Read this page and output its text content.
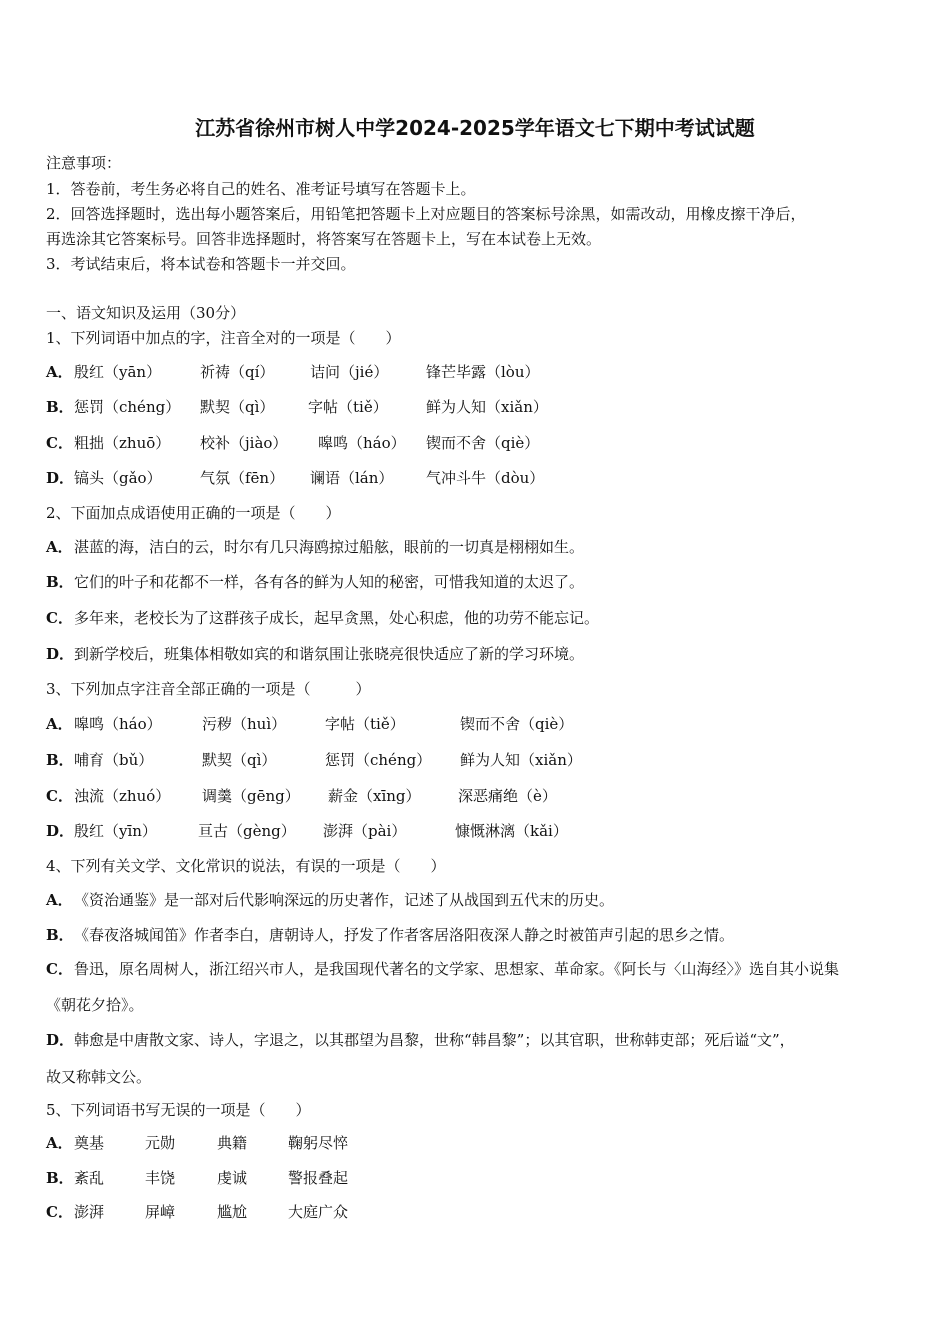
江苏省徐州市树人中学2024-2025学年语文七下期中考试试题
注意事项：
1．答卷前，考生务必将自己的姓名、准考证号填写在答题卡上。
2．回答选择题时，选出每小题答案后，用铅笔把答题卡上对应题目的答案标号涂黑，如需改动，用橡皮擦干净后，
再选涂其它答案标号。回答非选择题时，将答案写在答题卡上，写在本试卷上无效。
3．考试结束后，将本试卷和答题卡一并交回。
一、语文知识及运用（30分）
1、下列词语中加点的字，注音全对的一项是（　　）
A． 殷红（yān）	祈祷（qí） 诘问（jié）	锋芒毕露（lòu）
B． 惩罚（chéng） 默契（qì） 字帖（tiě）	鲜为人知（xiǎn）
C． 粗拙（zhuō） 校补（jiào） 嗥鸣（háo） 锲而不舍（qiè）
D． 镐头（gǎo）	气氛（fēn） 谰语（lán） 气冲斗牛（dòu）
2、下面加点成语使用正确的一项是（　　）
A．湛蓝的海，洁白的云，时尔有几只海鸥掠过船舷，眼前的一切真是栩栩如生。
B．它们的叶子和花都不一样，各有各的鲜为人知的秘密，可惜我知道的太迟了。
C．多年来，老校长为了这群孩子成长，起早贪黑，处心积虑，他的功劳不能忘记。
D．到新学校后，班集体相敬如宾的和谐氛围让张晓亮很快适应了新的学习环境。
3、下列加点字注音全部正确的一项是（　　　）
A． 嗥鸣（háo）	污秽（huì）	字帖（tiě）	锲而不舍（qiè）
B． 哺育（bǔ）	默契（qì）	惩罚（chéng） 鲜为人知（xiǎn）
C． 浊流（zhuó） 调羹（gēng） 薪金（xīng） 深恶痛绝（è）
D． 殷红（yīn）	亘古（gèng） 澎湃（pài）	慷慨淋漓（kǎi）
4、下列有关文学、文化常识的说法，有误的一项是（　　）
A．《资治通鉴》是一部对后代影响深远的历史著作，记述了从战国到五代末的历史。
B．《春夜洛城闻笛》作者李白，唐朝诗人，抒发了作者客居洛阳夜深人静之时被笛声引起的思乡之情。
C．鲁迅，原名周树人，浙江绍兴市人，是我国现代著名的文学家、思想家、革命家。《阿长与〈山海经〉》选自其小说集
《朝花夕拾》。
D．韩愈是中唐散文家、诗人，字退之，以其郡望为昌黎，世称“韩昌黎”；以其官职，世称韩吏部；死后谥“文”，
故又称韩文公。
5、下列词语书写无误的一项是（　　）
A． 奠基	元勋	典籍	鞠躬尽悴
B． 紊乱	丰饶	虔诚	警报叠起
C． 澎湃	屏嶂	尴尬	大庭广众
